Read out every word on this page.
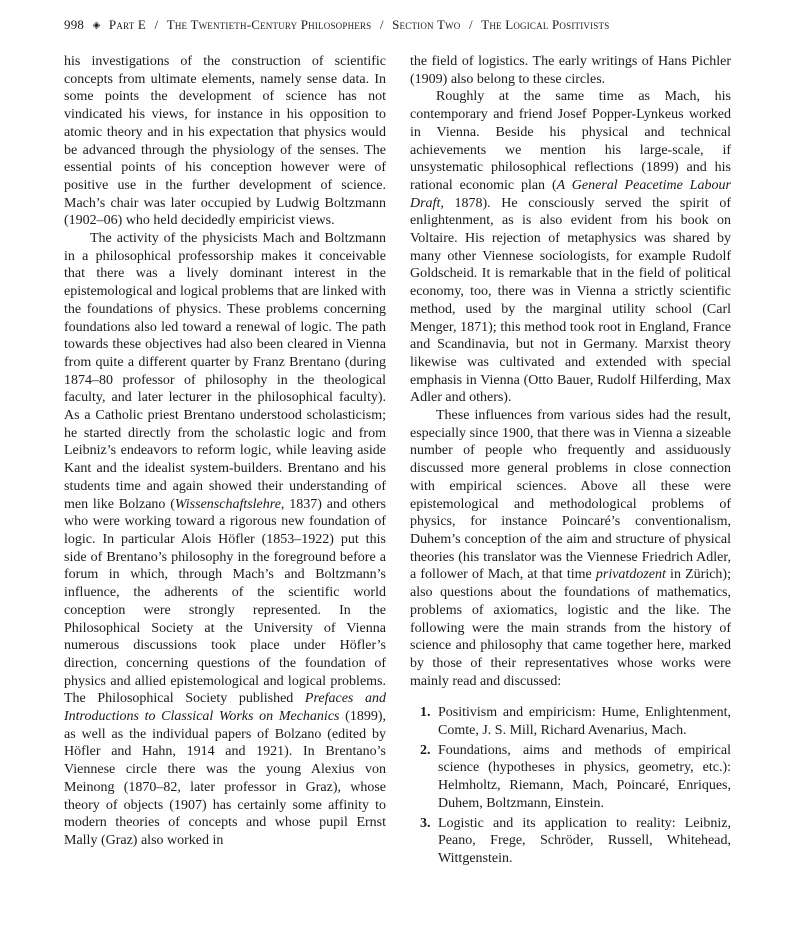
998 ◈ Part E / The Twentieth-Century Philosophers / Section Two / The Logical Positivists

his investigations of the construction of scientific concepts from ultimate elements, namely sense data. In some points the development of science has not vindicated his views, for instance in his opposition to atomic theory and in his expectation that physics would be advanced through the physiology of the senses. The essential points of his conception however were of positive use in the further development of science. Mach’s chair was later occupied by Ludwig Boltzmann (1902–06) who held decidedly empiricist views.

The activity of the physicists Mach and Boltzmann in a philosophical professorship makes it conceivable that there was a lively dominant interest in the epistemological and logical problems that are linked with the foundations of physics. These problems concerning foundations also led toward a renewal of logic. The path towards these objectives had also been cleared in Vienna from quite a different quarter by Franz Brentano (during 1874–80 professor of philosophy in the theological faculty, and later lecturer in the philosophical faculty). As a Catholic priest Brentano understood scholasticism; he started directly from the scholastic logic and from Leibniz’s endeavors to reform logic, while leaving aside Kant and the idealist system-builders. Brentano and his students time and again showed their understanding of men like Bolzano (Wissenschaftslehre, 1837) and others who were working toward a rigorous new foundation of logic. In particular Alois Höfler (1853–1922) put this side of Brentano’s philosophy in the foreground before a forum in which, through Mach’s and Boltzmann’s influence, the adherents of the scientific world conception were strongly represented. In the Philosophical Society at the University of Vienna numerous discussions took place under Höfler’s direction, concerning questions of the foundation of physics and allied epistemological and logical problems. The Philosophical Society published Prefaces and Introductions to Classical Works on Mechanics (1899), as well as the individual papers of Bolzano (edited by Höfler and Hahn, 1914 and 1921). In Brentano’s Viennese circle there was the young Alexius von Meinong (1870–82, later professor in Graz), whose theory of objects (1907) has certainly some affinity to modern theories of concepts and whose pupil Ernst Mally (Graz) also worked in

the field of logistics. The early writings of Hans Pichler (1909) also belong to these circles.

Roughly at the same time as Mach, his contemporary and friend Josef Popper-Lynkeus worked in Vienna. Beside his physical and technical achievements we mention his large-scale, if unsystematic philosophical reflections (1899) and his rational economic plan (A General Peacetime Labour Draft, 1878). He consciously served the spirit of enlightenment, as is also evident from his book on Voltaire. His rejection of metaphysics was shared by many other Viennese sociologists, for example Rudolf Goldscheid. It is remarkable that in the field of political economy, too, there was in Vienna a strictly scientific method, used by the marginal utility school (Carl Menger, 1871); this method took root in England, France and Scandinavia, but not in Germany. Marxist theory likewise was cultivated and extended with special emphasis in Vienna (Otto Bauer, Rudolf Hilferding, Max Adler and others).

These influences from various sides had the result, especially since 1900, that there was in Vienna a sizeable number of people who frequently and assiduously discussed more general problems in close connection with empirical sciences. Above all these were epistemological and methodological problems of physics, for instance Poincaré’s conventionalism, Duhem’s conception of the aim and structure of physical theories (his translator was the Viennese Friedrich Adler, a follower of Mach, at that time privatdozent in Zürich); also questions about the foundations of mathematics, problems of axiomatics, logistic and the like. The following were the main strands from the history of science and philosophy that came together here, marked by those of their representatives whose works were mainly read and discussed:

1. Positivism and empiricism: Hume, Enlightenment, Comte, J. S. Mill, Richard Avenarius, Mach.
2. Foundations, aims and methods of empirical science (hypotheses in physics, geometry, etc.): Helmholtz, Riemann, Mach, Poincaré, Enriques, Duhem, Boltzmann, Einstein.
3. Logistic and its application to reality: Leibniz, Peano, Frege, Schröder, Russell, Whitehead, Wittgenstein.
